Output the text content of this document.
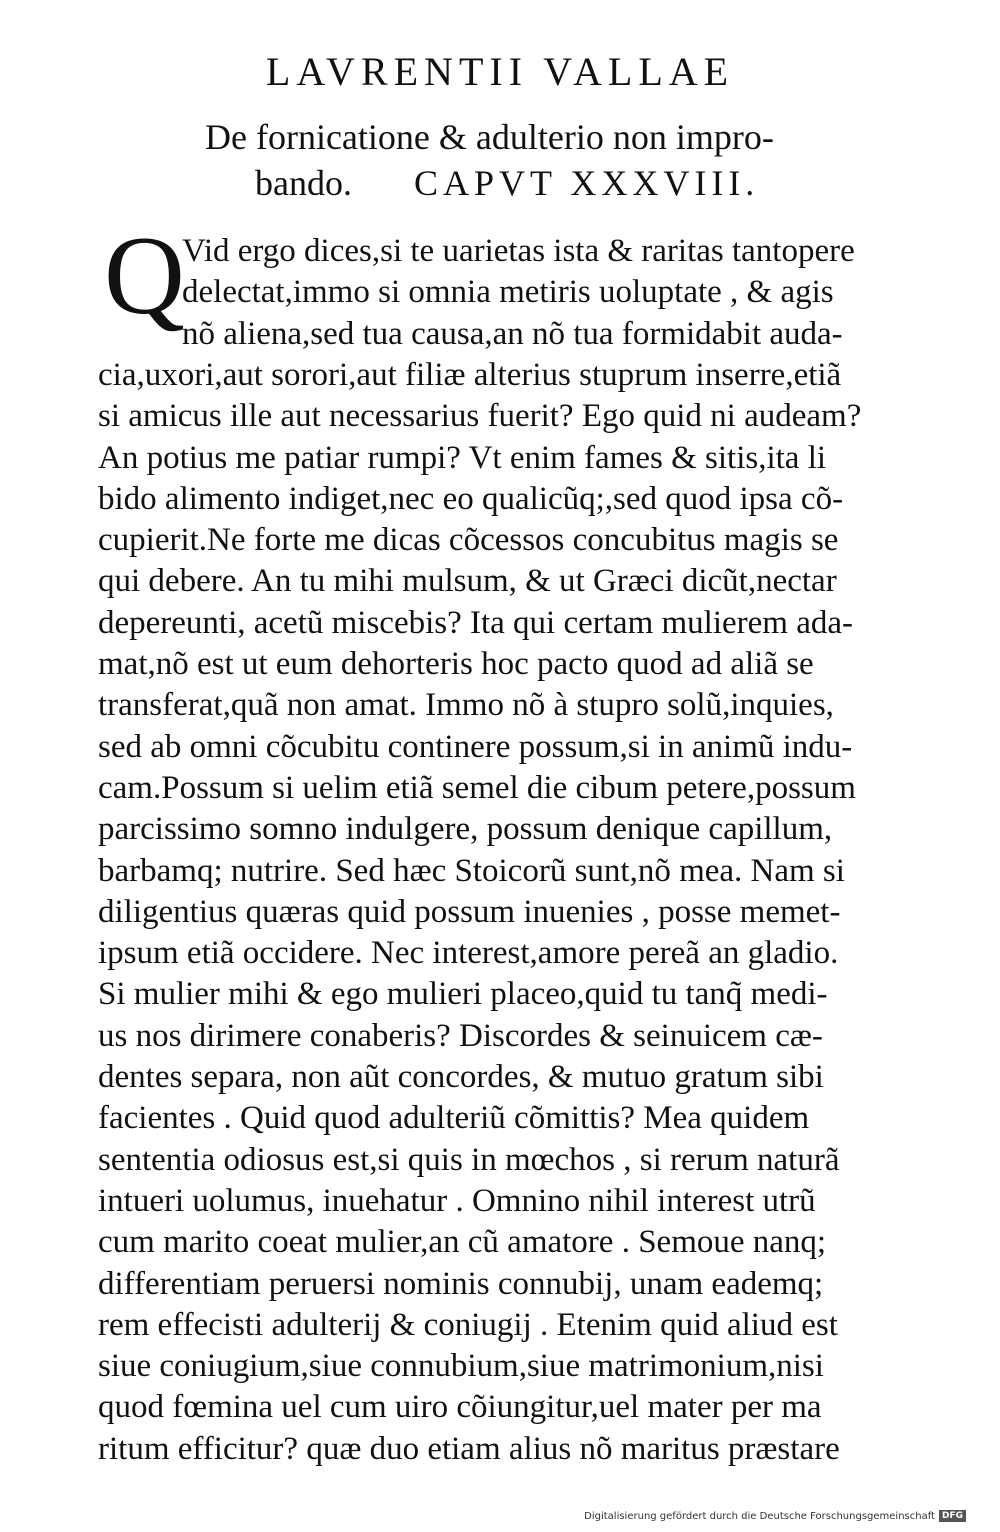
LAVRENTII VALLAE
De fornicatione & adulterio non impro-
bando. CAPVT XXXVIII.
Q
Vid ergo dices,si te uarietas ista & raritas tantopere
delectat,immo si omnia metiris uoluptate , & agis
nõ aliena,sed tua causa,an nõ tua formidabit auda-
cia,uxori,aut sorori,aut filiæ alterius stuprum inserre,etiã
si amicus ille aut necessarius fuerit? Ego quid ni audeam?
An potius me patiar rumpi? Vt enim fames & sitis,ita li
bido alimento indiget,nec eo qualicũq;,sed quod ipsa cõ-
cupierit.Ne forte me dicas cõcessos concubitus magis se
qui debere. An tu mihi mulsum, & ut Græci dicũt,nectar
depereunti, acetũ miscebis? Ita qui certam mulierem ada-
mat,nõ est ut eum dehorteris hoc pacto quod ad aliã se
transferat,quã non amat. Immo nõ à stupro solũ,inquies,
sed ab omni cõcubitu continere possum,si in animũ indu-
cam.Possum si uelim etiã semel die cibum petere,possum
parcissimo somno indulgere, possum denique capillum,
barbamq; nutrire. Sed hæc Stoicorũ sunt,nõ mea. Nam si
diligentius quæras quid possum inuenies , posse memet-
ipsum etiã occidere. Nec interest,amore pereã an gladio.
Si mulier mihi & ego mulieri placeo,quid tu tanq̃ medi-
us nos dirimere conaberis? Discordes & seinuicem cæ-
dentes separa, non aũt concordes, & mutuo gratum sibi
facientes . Quid quod adulteriũ cõmittis? Mea quidem
sententia odiosus est,si quis in mœchos , si rerum naturã
intueri uolumus, inuehatur . Omnino nihil interest utrũ
cum marito coeat mulier,an cũ amatore . Semoue nanq;
differentiam peruersi nominis connubij, unam eademq;
rem effecisti adulterij & coniugij . Etenim quid aliud est
siue coniugium,siue connubium,siue matrimonium,nisi
quod fœmina uel cum uiro cõiungitur,uel mater per ma
ritum efficitur? quæ duo etiam alius nõ maritus præstare
Digitalisierung gefördert durch die Deutsche Forschungsgemeinschaft DFG
